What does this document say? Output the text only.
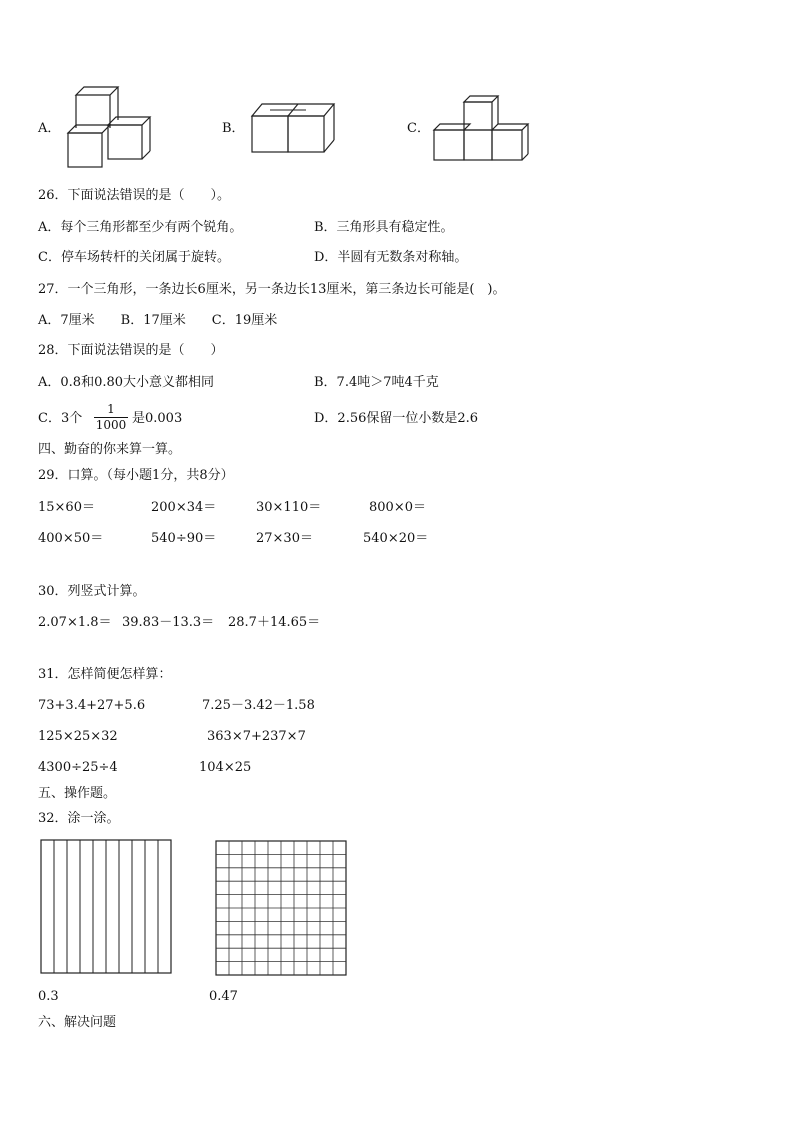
A．	B．	C．
26．下面说法错误的是（　　）。
A．每个三角形都至少有两个锐角。	B．三角形具有稳定性。
C．停车场转杆的关闭属于旋转。	D．半圆有无数条对称轴。
27．一个三角形，一条边长6厘米，另一条边长13厘米，第三条边长可能是(　)。
A．7厘米　　B．17厘米　　C．19厘米
28．下面说法错误的是（　　）
A．0.8和0.80大小意义都相同	B．7.4吨＞7吨4千克
C．3个
1
1000 是0.003	D．2.56保留一位小数是2.6
四、勤奋的你来算一算。
29．口算。（每小题1分，共8分）
15×60＝	200×34＝	30×110＝	800×0＝
400×50＝	540÷90＝	27×30＝	540×20＝
30．列竖式计算。
2.07×1.8＝ 39.83－13.3＝ 28.7＋14.65＝
31．怎样简便怎样算：
73+3.4+27+5.6	7.25－3.42－1.58
125×25×32	363×7+237×7
4300÷25÷4	104×25
五、操作题。
32．涂一涂。
0.3	0.47
六、解决问题
